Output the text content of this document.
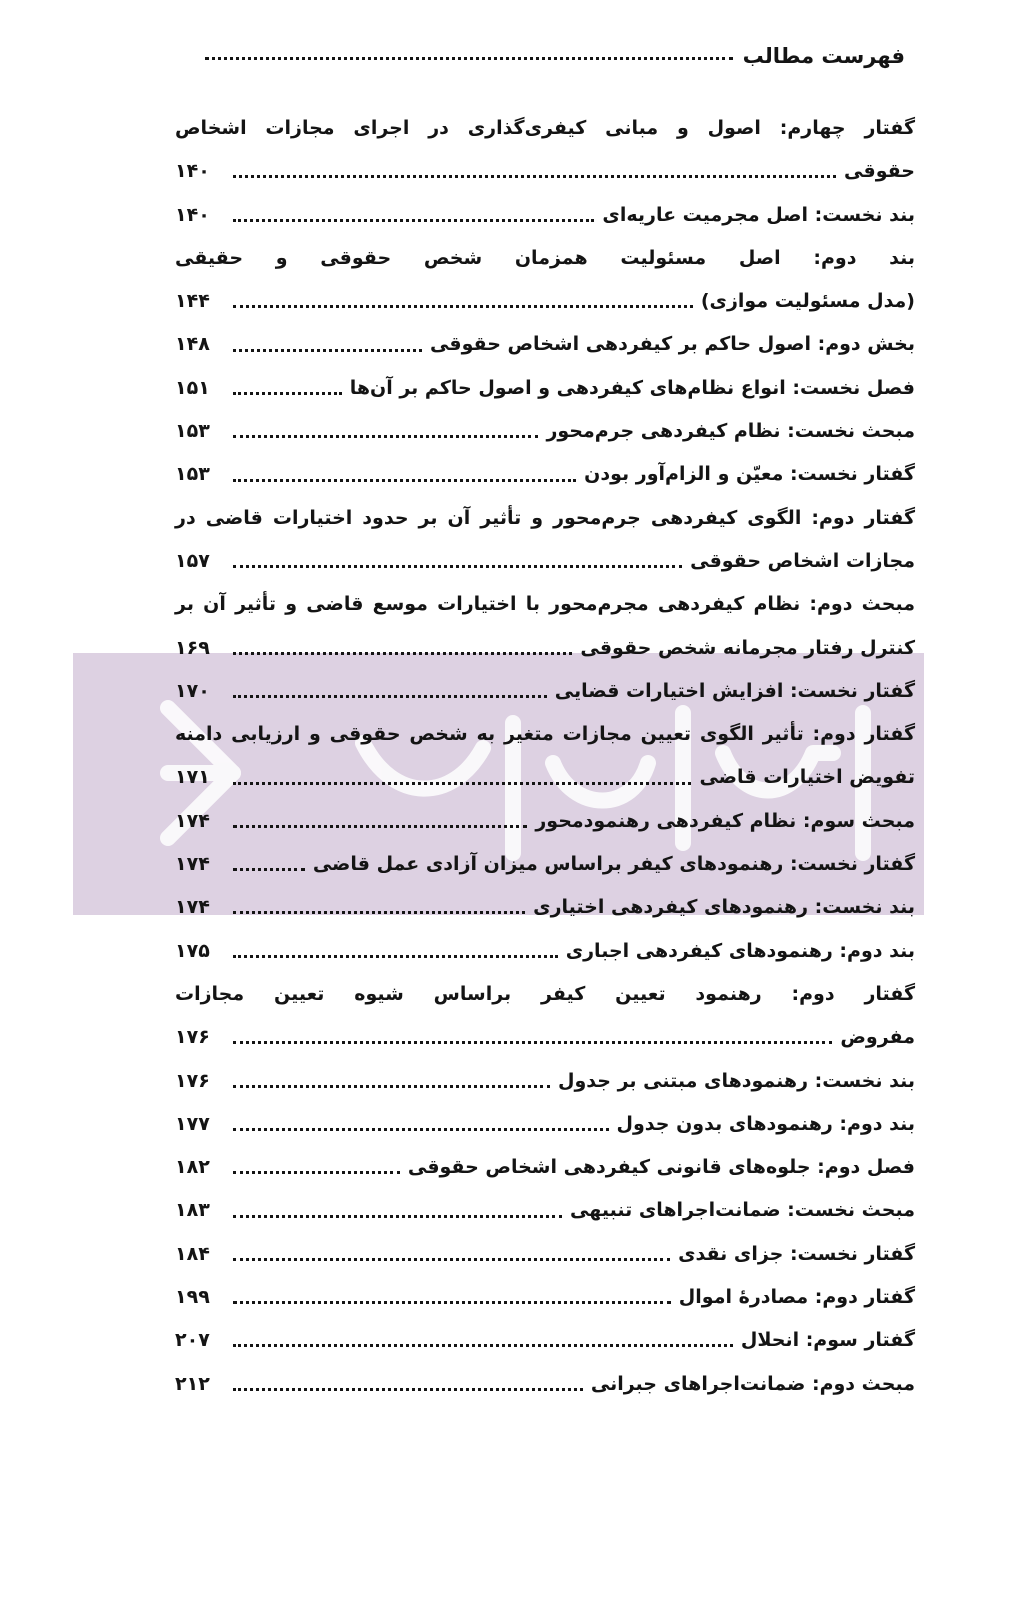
فهرست مطالب
گفتار چهارم: اصول و مبانی کیفری‌گذاری در اجرای مجازات اشخاص
حقوقی
۱۴۰
بند نخست: اصل مجرمیت عاریه‌ای
۱۴۰
بند دوم: اصل مسئولیت همزمان شخص حقوقی و حقیقی
(مدل مسئولیت موازی)
۱۴۴
بخش دوم: اصول حاکم بر کیفردهی اشخاص حقوقی
۱۴۸
فصل نخست: انواع نظام‌های کیفردهی و اصول حاکم بر آن‌ها
۱۵۱
مبحث نخست: نظام کیفردهی جرم‌محور
۱۵۳
گفتار نخست: معیّن و الزام‌آور بودن
۱۵۳
گفتار دوم: الگوی کیفردهی جرم‌محور و تأثیر آن بر حدود اختیارات قاضی در
مجازات اشخاص حقوقی
۱۵۷
مبحث دوم: نظام کیفردهی مجرم‌محور با اختیارات موسع قاضی و تأثیر آن بر
کنترل رفتار مجرمانه شخص حقوقی
۱۶۹
گفتار نخست: افزایش اختیارات قضایی
۱۷۰
گفتار دوم: تأثیر الگوی تعیین مجازات متغیر به شخص حقوقی و ارزیابی دامنه
تفویض اختیارات قاضی
۱۷۱
مبحث سوم: نظام کیفردهی رهنمودمحور
۱۷۴
گفتار نخست: رهنمودهای کیفر براساس میزان آزادی عمل قاضی
۱۷۴
بند نخست: رهنمودهای کیفردهی اختیاری
۱۷۴
بند دوم: رهنمودهای کیفردهی اجباری
۱۷۵
گفتار دوم: رهنمود تعیین کیفر براساس شیوه تعیین مجازات
مفروض
۱۷۶
بند نخست: رهنمودهای مبتنی بر جدول
۱۷۶
بند دوم: رهنمودهای بدون جدول
۱۷۷
فصل دوم: جلوه‌های قانونی کیفردهی اشخاص حقوقی
۱۸۲
مبحث نخست: ضمانت‌اجراهای تنبیهی
۱۸۳
گفتار نخست: جزای نقدی
۱۸۴
گفتار دوم: مصادرهٔ اموال
۱۹۹
گفتار سوم: انحلال
۲۰۷
مبحث دوم: ضمانت‌اجراهای جبرانی
۲۱۲
